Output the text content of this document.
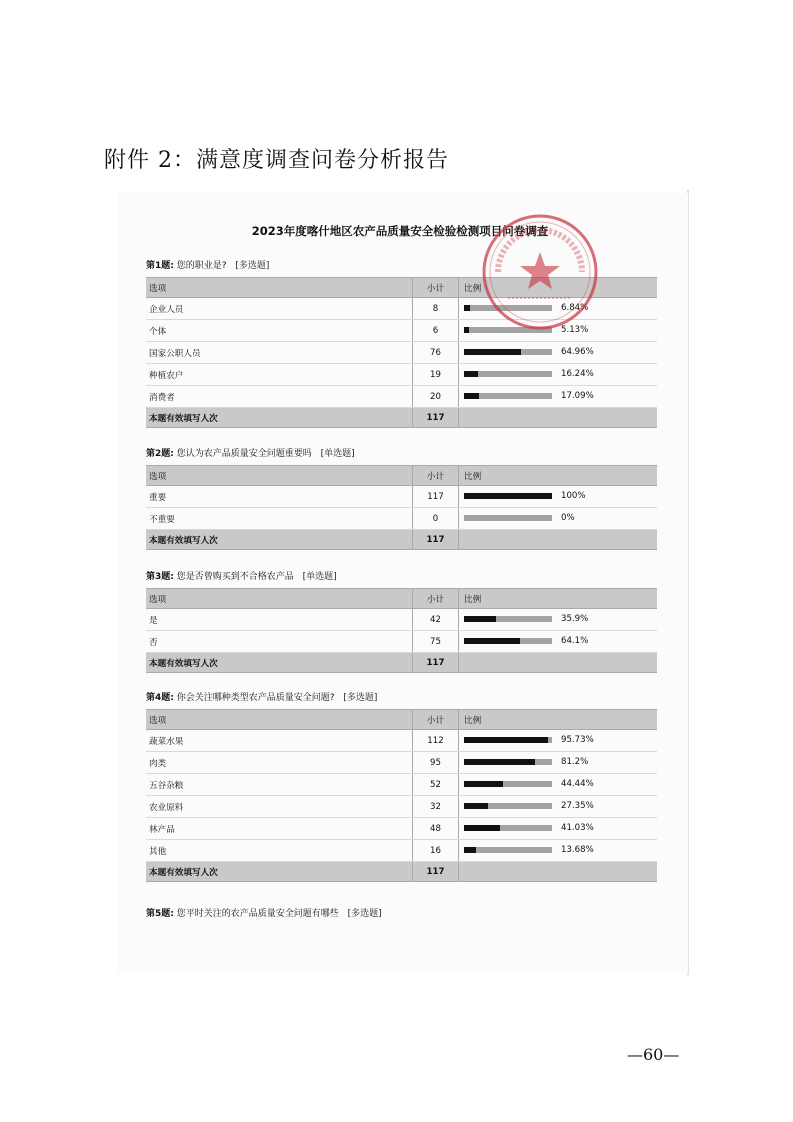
附件 2：满意度调查问卷分析报告
2023年度喀什地区农产品质量安全检验检测项目问卷调查
第1题: 您的职业是? [多选题]
选项	小计	比例
企业人员	8	6.84%
个体	6	5.13%
国家公职人员	76	64.96%
种植农户	19	16.24%
消费者	20	17.09%
本题有效填写人次	117	
第2题: 您认为农产品质量安全问题重要吗 [单选题]
选项	小计	比例
重要	117	100%
不重要	0	0%
本题有效填写人次	117	
第3题: 您是否曾购买到不合格农产品 [单选题]
选项	小计	比例
是	42	35.9%
否	75	64.1%
本题有效填写人次	117	
第4题: 你会关注哪种类型农产品质量安全问题? [多选题]
选项	小计	比例
蔬菜水果	112	95.73%
肉类	95	81.2%
五谷杂粮	52	44.44%
农业原料	32	27.35%
林产品	48	41.03%
其他	16	13.68%
本题有效填写人次	117	
第5题: 您平时关注的农产品质量安全问题有哪些 [多选题]
—60—
